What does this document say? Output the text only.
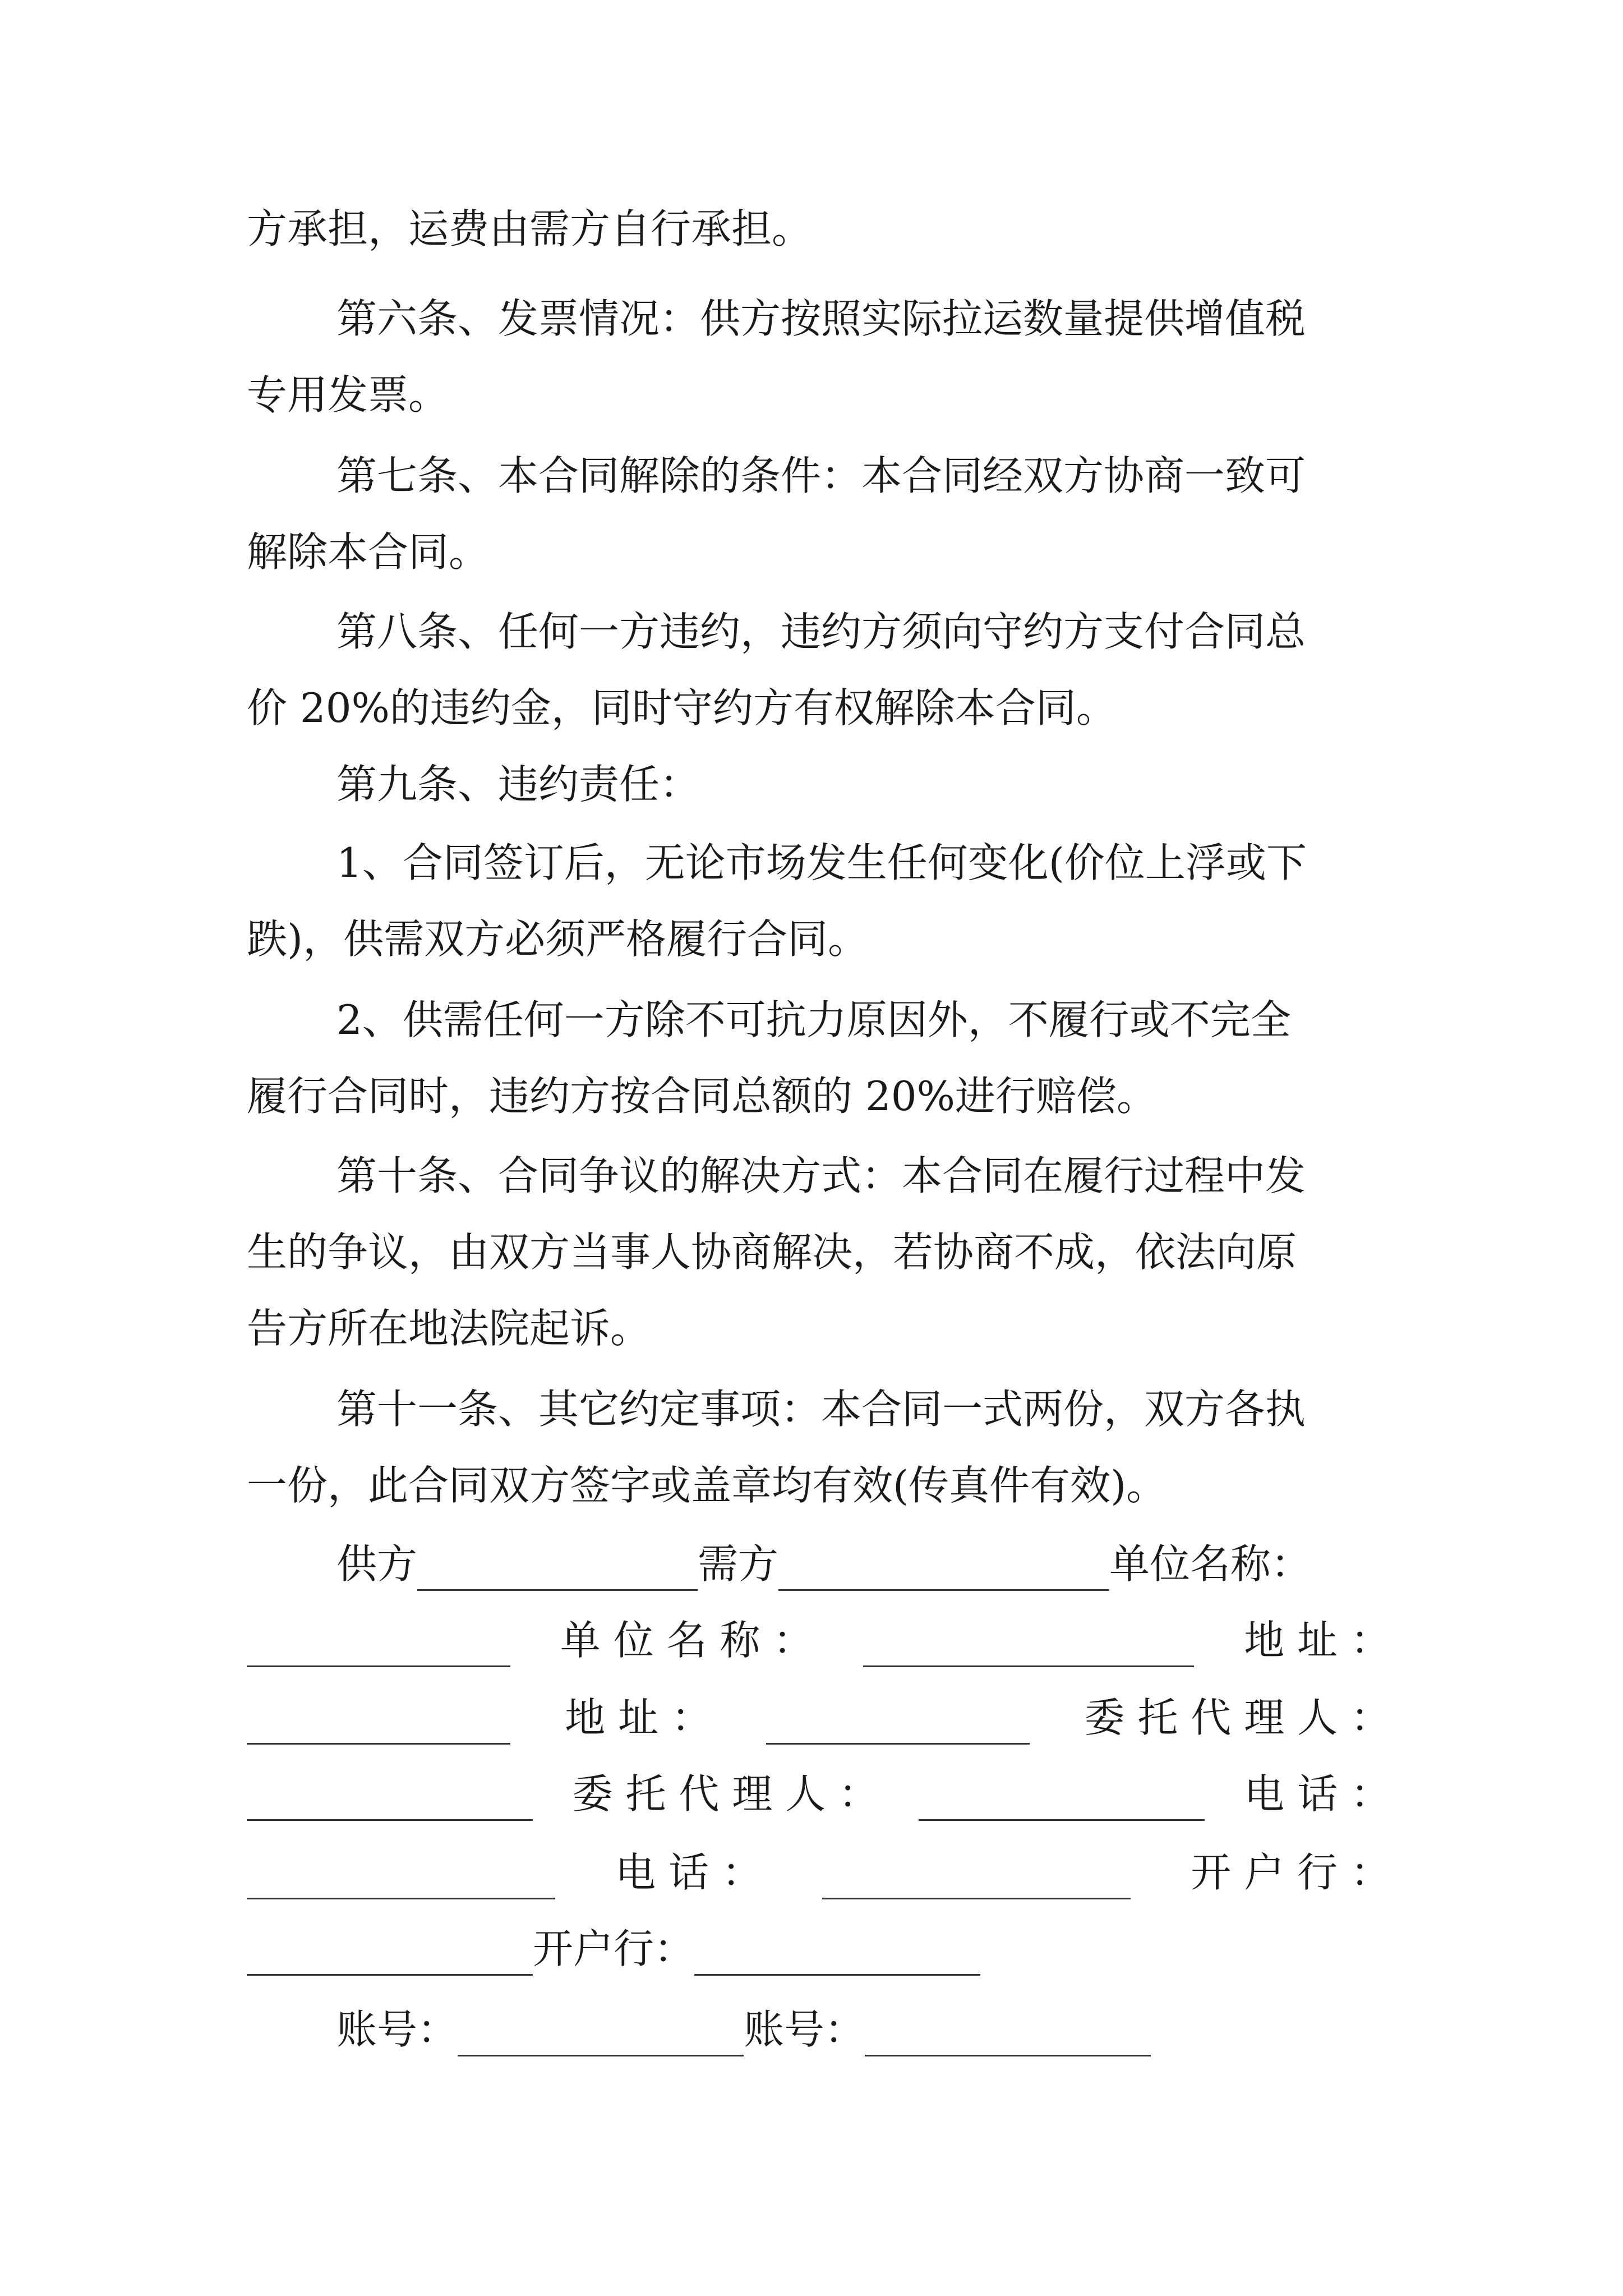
方承担，运费由需方自行承担。
第六条、发票情况：供方按照实际拉运数量提供增值税
专用发票。
第七条、本合同解除的条件：本合同经双方协商一致可
解除本合同。
第八条、任何一方违约，违约方须向守约方支付合同总
价 20%的违约金，同时守约方有权解除本合同。
第九条、违约责任：
1、合同签订后，无论市场发生任何变化(价位上浮或下
跌)，供需双方必须严格履行合同。
2、供需任何一方除不可抗力原因外，不履行或不完全
履行合同时，违约方按合同总额的 20%进行赔偿。
第十条、合同争议的解决方式：本合同在履行过程中发
生的争议，由双方当事人协商解决，若协商不成，依法向原
告方所在地法院起诉。
第十一条、其它约定事项：本合同一式两份，双方各执
一份，此合同双方签字或盖章均有效(传真件有效)。
供方	需方	单位名称：
单 位 名 称 ：	地 址 ：
地 址 ：	委 托 代 理 人 ：
委 托 代 理 人 ：	电 话 ：
电 话 ：	开 户 行 ：
开户行：
账号：	账号：
